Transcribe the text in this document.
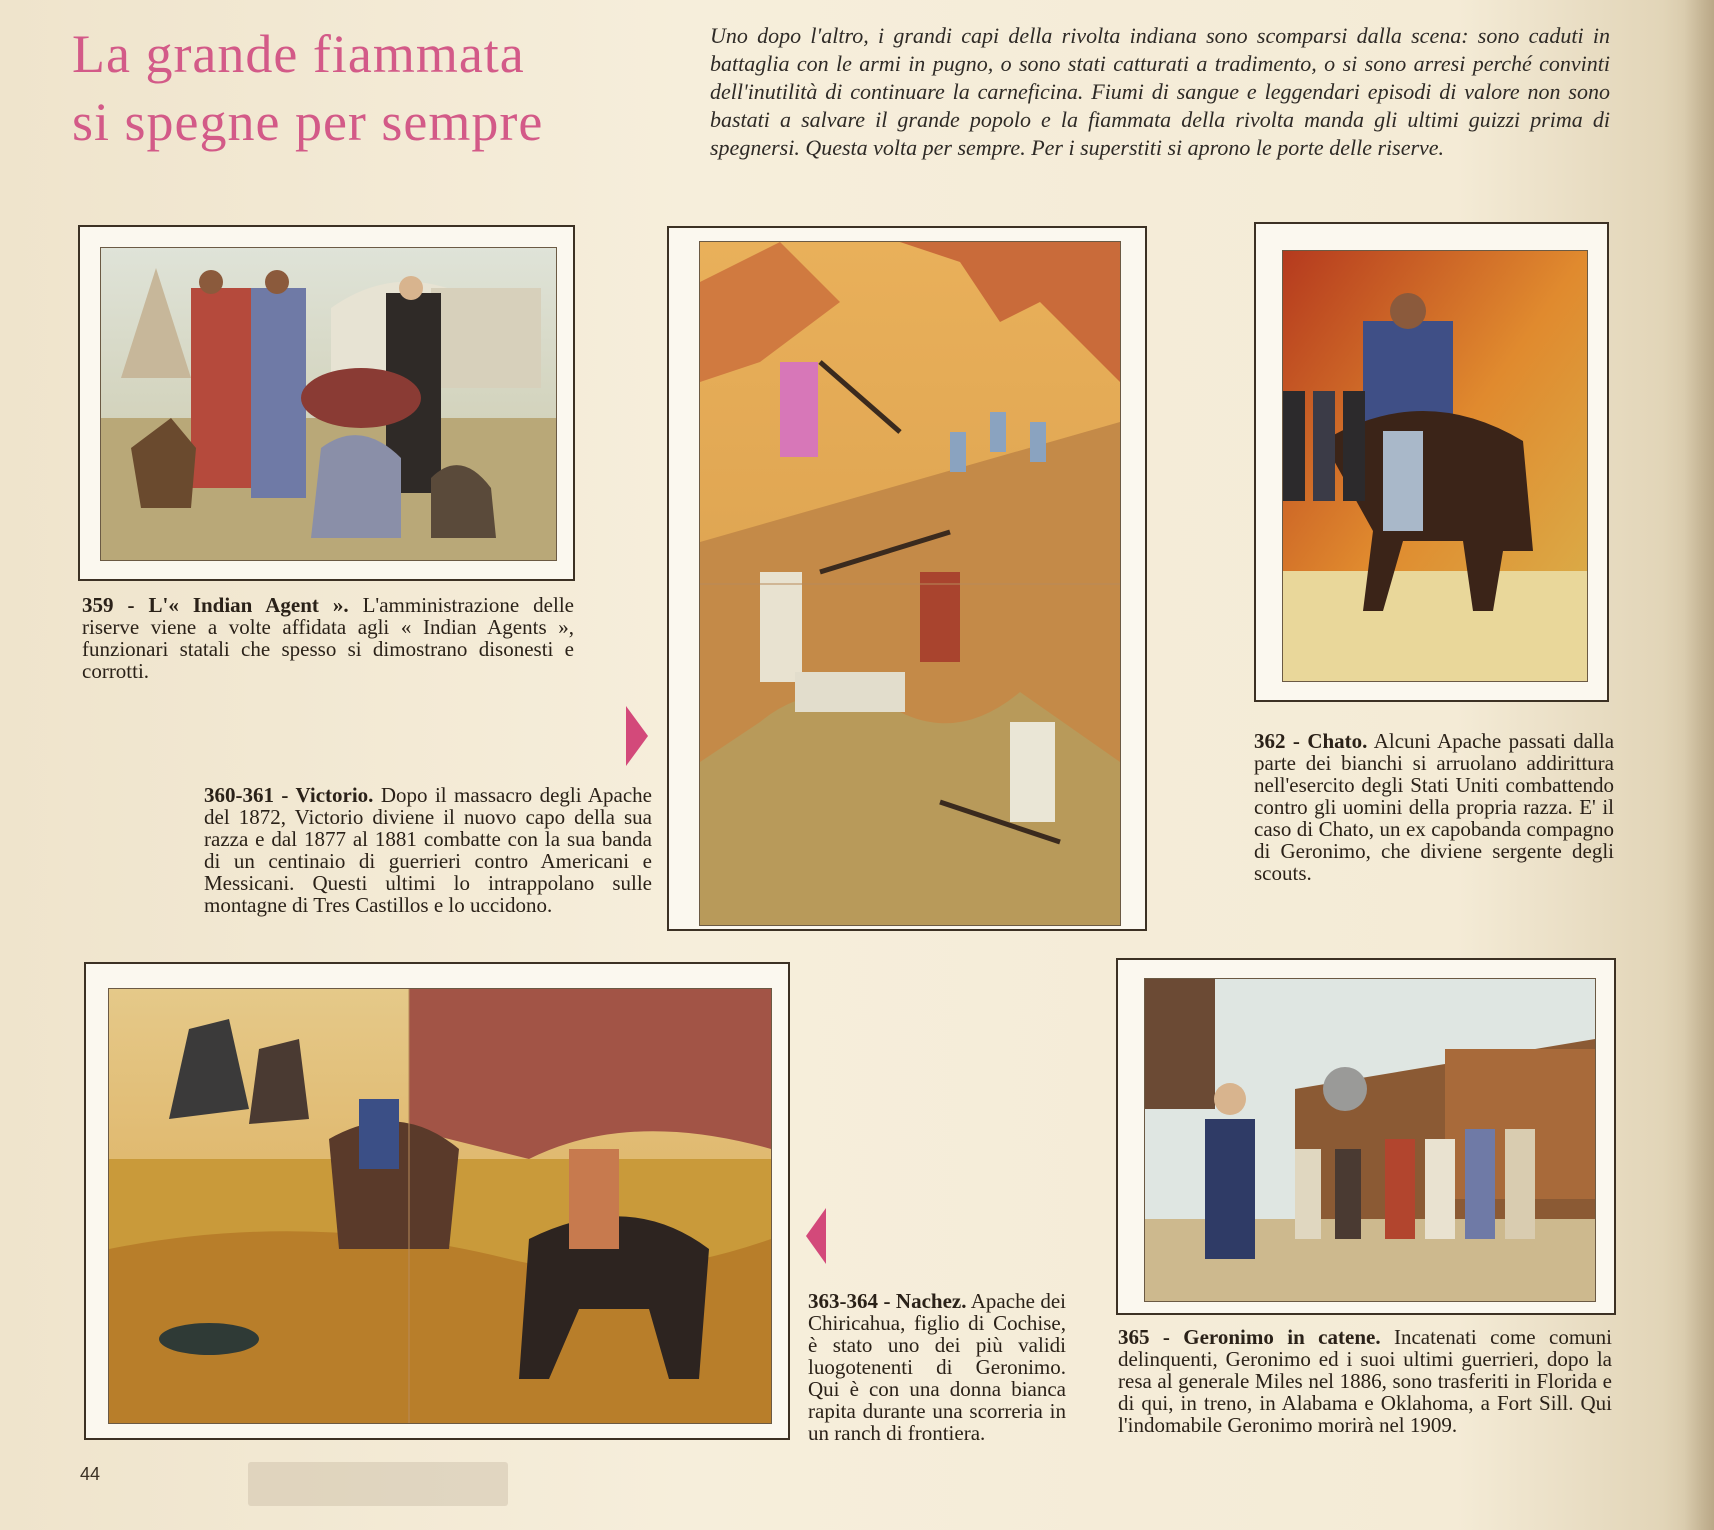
La grande fiammata
si spegne per sempre

Uno dopo l'altro, i grandi capi della rivolta indiana sono scomparsi dalla scena: sono caduti in battaglia con le armi in pugno, o sono stati catturati a tradimento, o si sono arresi perché convinti dell'inutilità di continuare la carneficina. Fiumi di sangue e leggendari episodi di valore non sono bastati a salvare il grande popolo e la fiammata della rivolta manda gli ultimi guizzi prima di spegnersi. Questa volta per sempre. Per i superstiti si aprono le porte delle riserve.

359 - L'« Indian Agent ». L'amministrazione delle riserve viene a volte affidata agli « Indian Agents », funzionari statali che spesso si dimostrano disonesti e corrotti.

360-361 - Victorio. Dopo il massacro degli Apache del 1872, Victorio diviene il nuovo capo della sua razza e dal 1877 al 1881 combatte con la sua banda di un centinaio di guerrieri contro Americani e Messicani. Questi ultimi lo intrappolano sulle montagne di Tres Castillos e lo uccidono.

362 - Chato. Alcuni Apache passati dalla parte dei bianchi si arruolano addirittura nell'esercito degli Stati Uniti combattendo contro gli uomini della propria razza. E' il caso di Chato, un ex capobanda compagno di Geronimo, che diviene sergente degli scouts.

363-364 - Nachez. Apache dei Chiricahua, figlio di Cochise, è stato uno dei più validi luogotenenti di Geronimo. Qui è con una donna bianca rapita durante una scorreria in un ranch di frontiera.

365 - Geronimo in catene. Incatenati come comuni delinquenti, Geronimo ed i suoi ultimi guerrieri, dopo la resa al generale Miles nel 1886, sono trasferiti in Florida e di qui, in treno, in Alabama e Oklahoma, a Fort Sill. Qui l'indomabile Geronimo morirà nel 1909.

44
